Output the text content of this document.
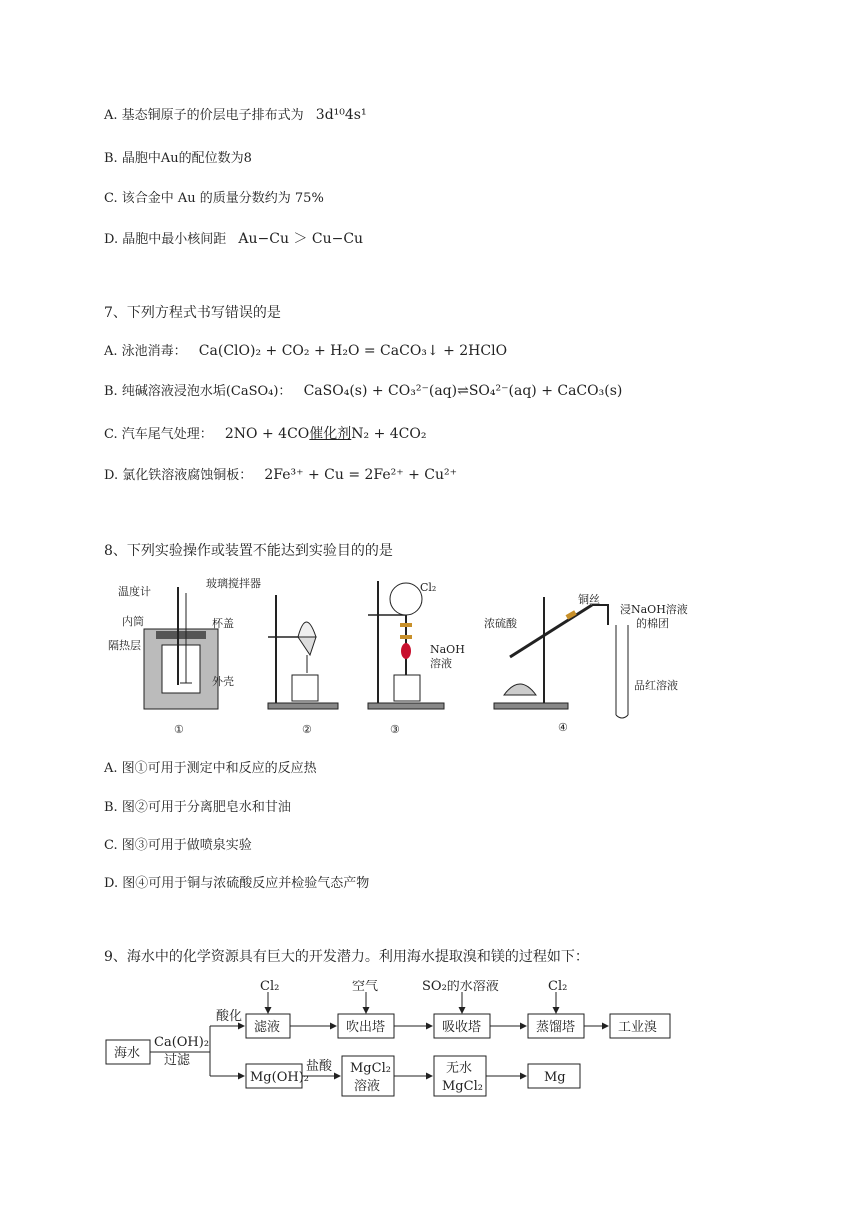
A. 基态铜原子的价层电子排布式为 3d¹⁰4s¹
B. 晶胞中Au的配位数为8
C. 该合金中 Au 的质量分数约为 75%
D. 晶胞中最小核间距 Au−Cu ＞ Cu−Cu
7、下列方程式书写错误的是
A. 泳池消毒： Ca(ClO)₂ + CO₂ + H₂O = CaCO₃↓ + 2HClO
B. 纯碱溶液浸泡水垢(CaSO₄)： CaSO₄(s) + CO₃²⁻(aq)⇌SO₄²⁻(aq) + CaCO₃(s)
C. 汽车尾气处理： 2NO + 4CO催化剂N₂ + 4CO₂
D. 氯化铁溶液腐蚀铜板： 2Fe³⁺ + Cu = 2Fe²⁺ + Cu²⁺
8、下列实验操作或装置不能达到实验目的的是
温度计
玻璃搅拌器
内筒	杯盖
隔热层
外壳
①	②
Cl₂
NaOH
溶液
③
浓硫酸
铜丝
浸NaOH溶液
的棉团
品红溶液
④
A. 图①可用于测定中和反应的反应热
B. 图②可用于分离肥皂水和甘油
C. 图③可用于做喷泉实验
D. 图④可用于铜与浓硫酸反应并检验气态产物
9、海水中的化学资源具有巨大的开发潜力。利用海水提取溴和镁的过程如下：
海水
Ca(OH)₂
过滤
酸化
滤液
Cl₂
吹出塔
空气
吸收塔
SO₂的水溶液
蒸馏塔
Cl₂
工业溴
Mg(OH)₂
盐酸 MgCl₂
溶液
无水
MgCl₂
Mg
